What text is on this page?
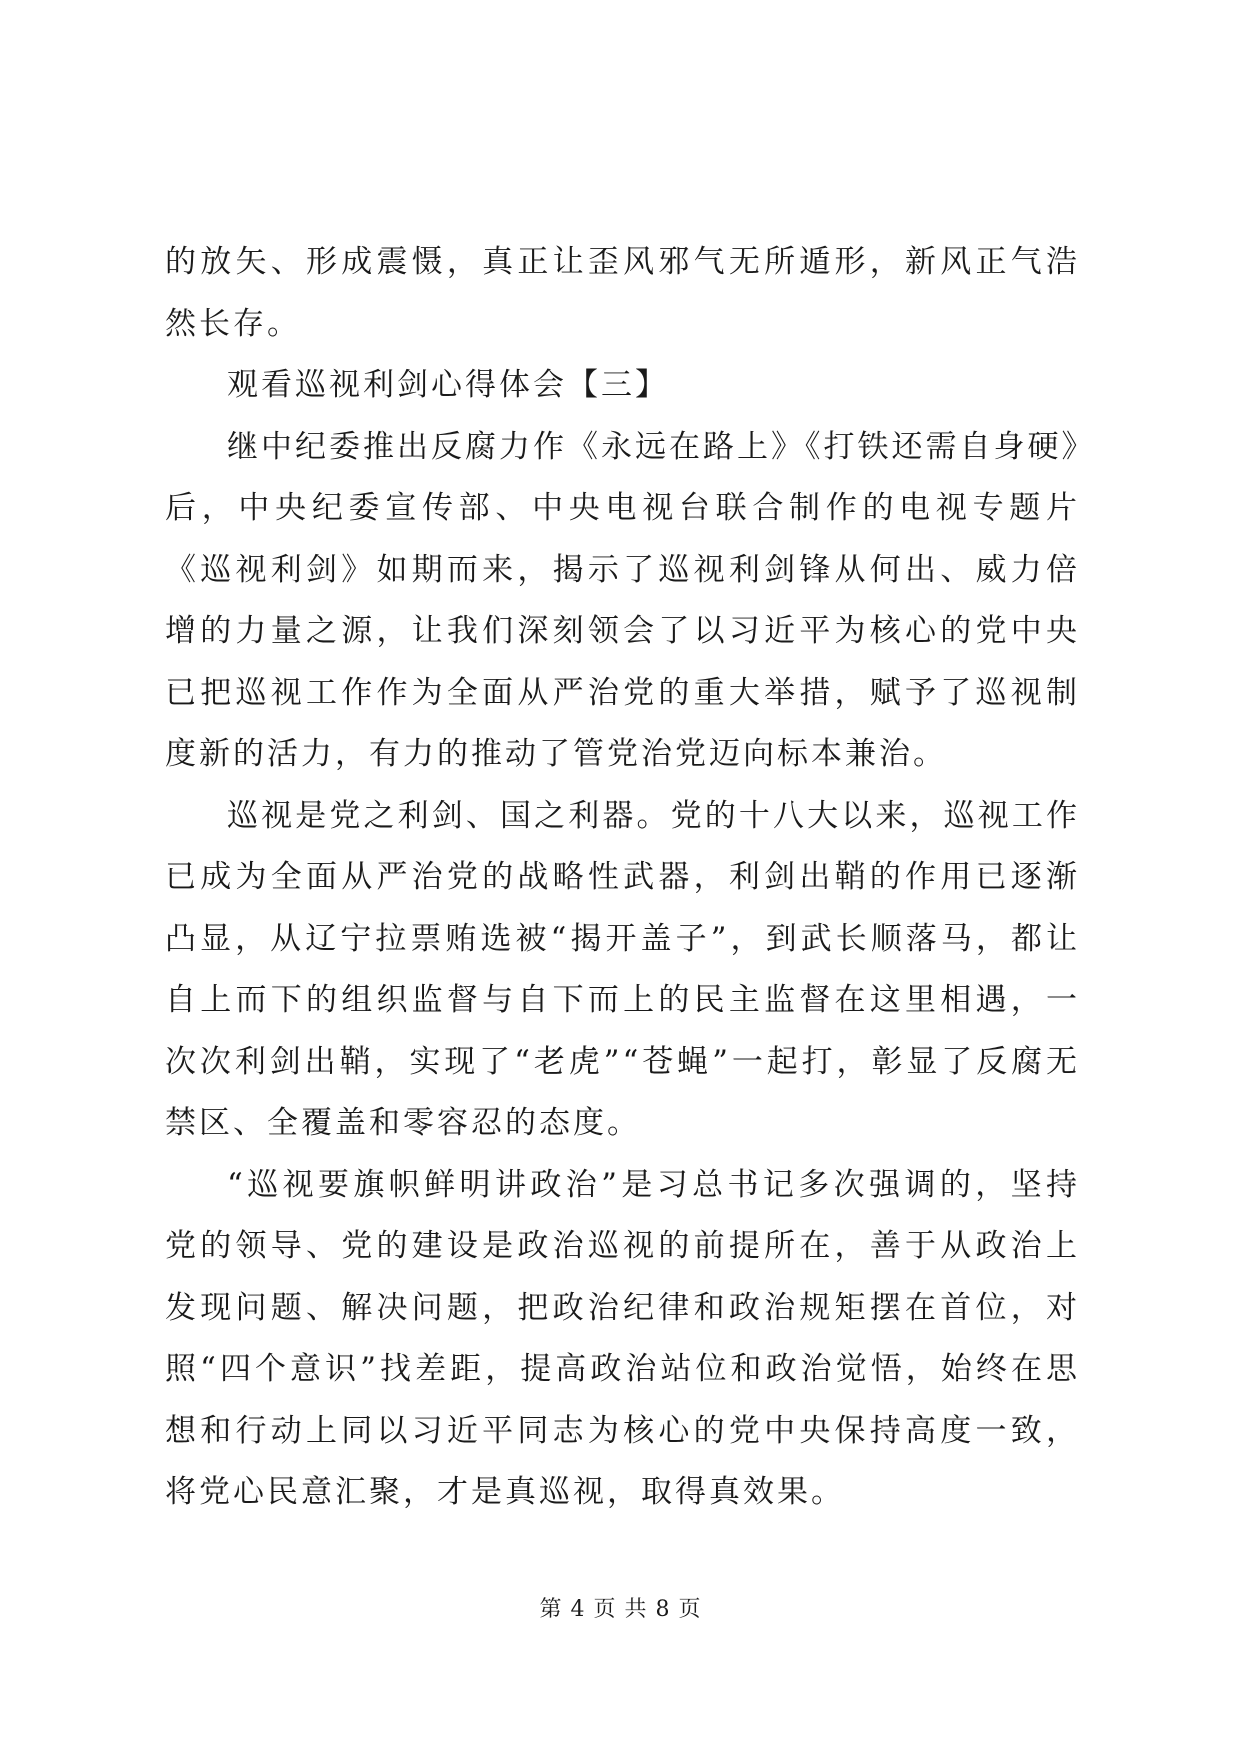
的放矢、形成震慑，真正让歪风邪气无所遁形，新风正气浩然长存。

观看巡视利剑心得体会【三】

继中纪委推出反腐力作《永远在路上》《打铁还需自身硬》后，中央纪委宣传部、中央电视台联合制作的电视专题片《巡视利剑》如期而来，揭示了巡视利剑锋从何出、威力倍增的力量之源，让我们深刻领会了以习近平为核心的党中央已把巡视工作作为全面从严治党的重大举措，赋予了巡视制度新的活力，有力的推动了管党治党迈向标本兼治。

巡视是党之利剑、国之利器。党的十八大以来，巡视工作已成为全面从严治党的战略性武器，利剑出鞘的作用已逐渐凸显，从辽宁拉票贿选被“揭开盖子”，到武长顺落马，都让自上而下的组织监督与自下而上的民主监督在这里相遇，一次次利剑出鞘，实现了“老虎”“苍蝇”一起打，彰显了反腐无禁区、全覆盖和零容忍的态度。

“巡视要旗帜鲜明讲政治”是习总书记多次强调的，坚持党的领导、党的建设是政治巡视的前提所在，善于从政治上发现问题、解决问题，把政治纪律和政治规矩摆在首位，对照“四个意识”找差距，提高政治站位和政治觉悟，始终在思想和行动上同以习近平同志为核心的党中央保持高度一致，将党心民意汇聚，才是真巡视，取得真效果。

第 4 页 共 8 页
